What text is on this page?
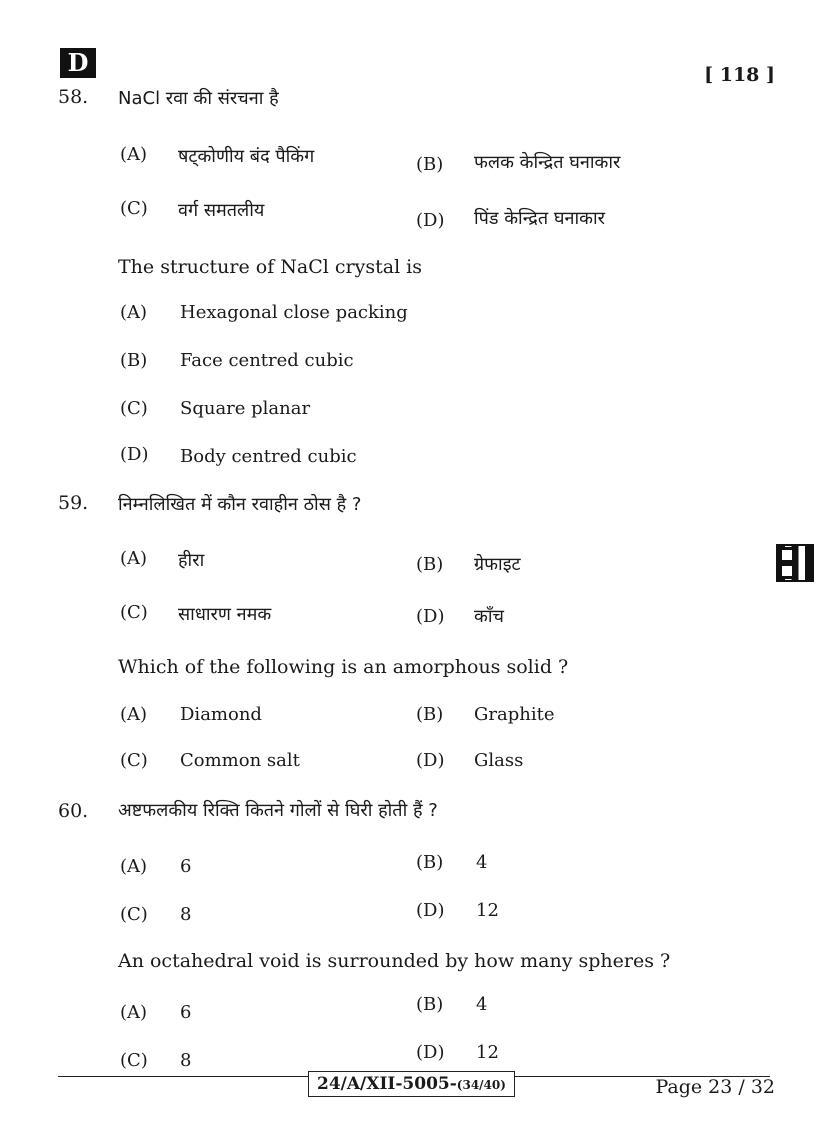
D	[ 118 ]
58. NaCl रवा की संरचना है
(A) षट्कोणीय बंद पैकिंग	(B) फलक केन्द्रित घनाकार
(C) वर्ग समतलीय	(D) पिंड केन्द्रित घनाकार
The structure of NaCl crystal is
(A) Hexagonal close packing
(B) Face centred cubic
(C) Square planar
(D) Body centred cubic
59. निम्नलिखित में कौन रवाहीन ठोस है ?
(A) हीरा	(B) ग्रेफाइट
(C) साधारण नमक	(D) काँच
Which of the following is an amorphous solid ?
(A) Diamond	(B) Graphite
(C) Common salt	(D) Glass
60. अष्टफलकीय रिक्ति कितने गोलों से घिरी होती हैं ?
(A) 6	(B) 4
(C) 8	(D) 12
An octahedral void is surrounded by how many spheres ?
(A) 6	(B) 4
(C) 8	(D) 12
24/A/XII-5005-(34/40)	Page 23 / 32
